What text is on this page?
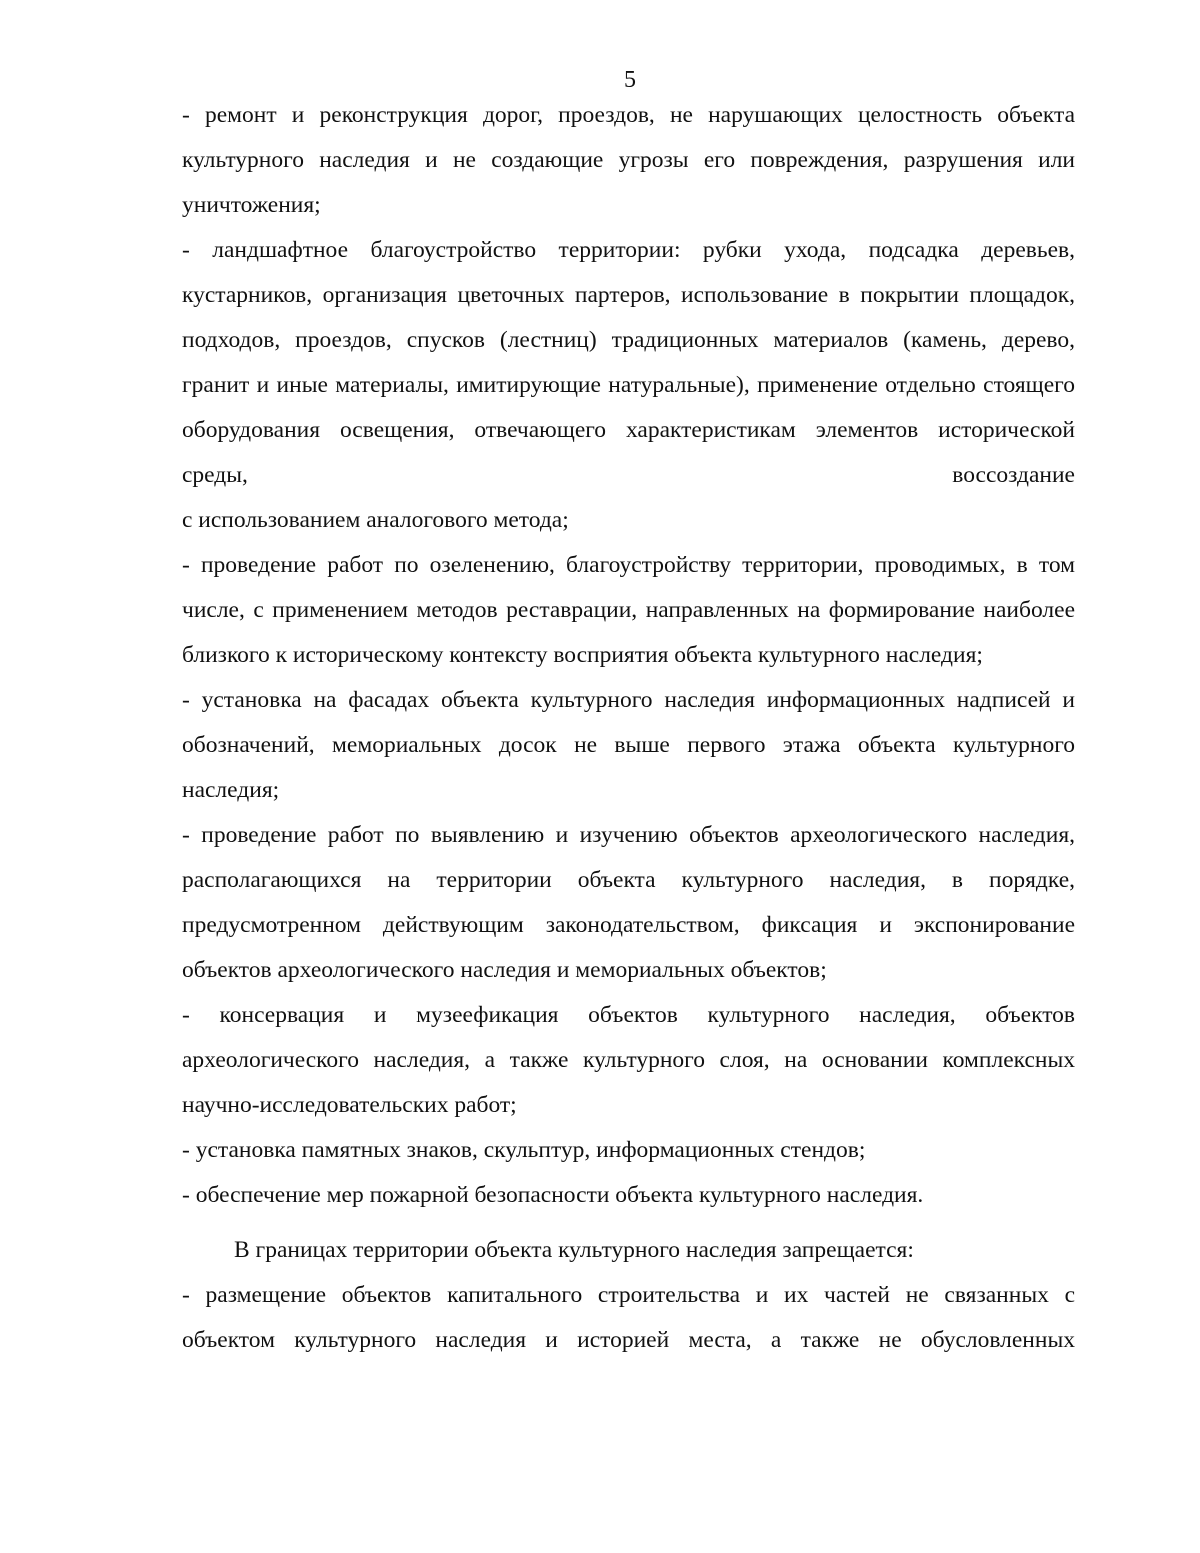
5

- ремонт и реконструкция дорог, проездов, не нарушающих целостность объекта культурного наследия и не создающие угрозы его повреждения, разрушения или уничтожения;

- ландшафтное благоустройство территории: рубки ухода, подсадка деревьев, кустарников, организация цветочных партеров, использование в покрытии площадок, подходов, проездов, спусков (лестниц) традиционных материалов (камень, дерево, гранит и иные материалы, имитирующие натуральные), применение отдельно стоящего оборудования освещения, отвечающего характеристикам элементов исторической среды, воссоздание

с использованием аналогового метода;

- проведение работ по озеленению, благоустройству территории, проводимых, в том числе, с применением методов реставрации, направленных на формирование наиболее близкого к историческому контексту восприятия объекта культурного наследия;

- установка на фасадах объекта культурного наследия информационных надписей и обозначений, мемориальных досок не выше первого этажа объекта культурного наследия;

- проведение работ по выявлению и изучению объектов археологического наследия, располагающихся на территории объекта культурного наследия, в порядке, предусмотренном действующим законодательством, фиксация и экспонирование объектов археологического наследия и мемориальных объектов;

- консервация и музеефикация объектов культурного наследия, объектов археологического наследия, а также культурного слоя, на основании комплексных научно-исследовательских работ;

- установка памятных знаков, скульптур, информационных стендов;

- обеспечение мер пожарной безопасности объекта культурного наследия.

В границах территории объекта культурного наследия запрещается:

- размещение объектов капитального строительства и их частей не связанных с объектом культурного наследия и историей места, а также не обусловленных
